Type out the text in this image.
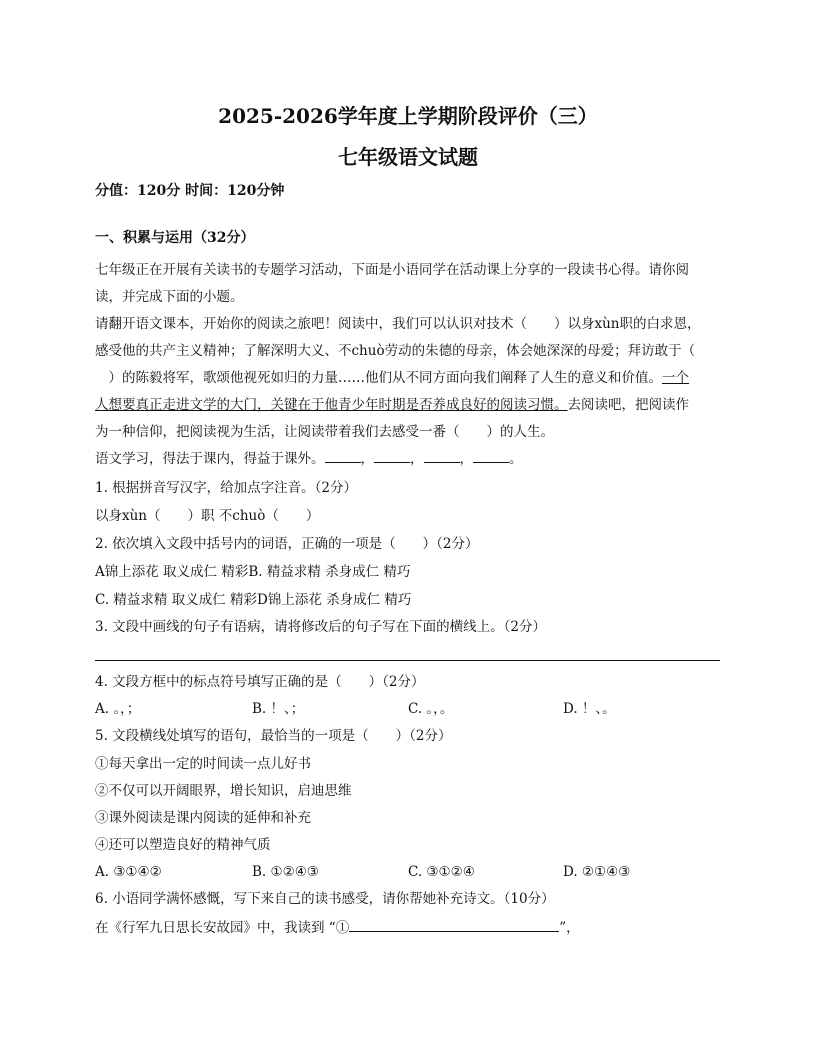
2025-2026学年度上学期阶段评价（三）
七年级语文试题
分值：120分 时间：120分钟
一、积累与运用（32分）
七年级正在开展有关读书的专题学习活动，下面是小语同学在活动课上分享的一段读书心得。请你阅
读，并完成下面的小题。
请翻开语文课本，开始你的阅读之旅吧！阅读中，我们可以认识对技术（　　）以身xùn职的白求恩，
感受他的共产主义精神；了解深明大义、不chuò劳动的朱德的母亲，体会她深深的母爱；拜访敢于（
　）的陈毅将军，歌颂他视死如归的力量……他们从不同方面向我们阐释了人生的意义和价值。一个
人想要真正走进文学的大门，关键在于他青少年时期是否养成良好的阅读习惯。去阅读吧，把阅读作
为一种信仰，把阅读视为生活，让阅读带着我们去感受一番（　　）的人生。
语文学习，得法于课内，得益于课外。	，	，	，	。
1. 根据拼音写汉字，给加点字注音。（2分）
以身xùn（　　）职 不chuò（　　）
2. 依次填入文段中括号内的词语，正确的一项是（　　）（2分）
A锦上添花 取义成仁 精彩B. 精益求精 杀身成仁 精巧
C. 精益求精 取义成仁 精彩D锦上添花 杀身成仁 精巧
3. 文段中画线的句子有语病，请将修改后的句子写在下面的横线上。（2分）
4. 文段方框中的标点符号填写正确的是（　　）（2分）
A. 。，；	B. ！、；	C. 。，。	D. ！、。
5. 文段横线处填写的语句，最恰当的一项是（　　）（2分）
①每天拿出一定的时间读一点儿好书
②不仅可以开阔眼界，增长知识，启迪思维
③课外阅读是课内阅读的延伸和补充
④还可以塑造良好的精神气质
A. ③①④②	B. ①②④③	C. ③①②④	D. ②①④③
6. 小语同学满怀感慨，写下来自己的读书感受，请你帮她补充诗文。（10分）
在《行军九日思长安故园》中，我读到 “①	”，
